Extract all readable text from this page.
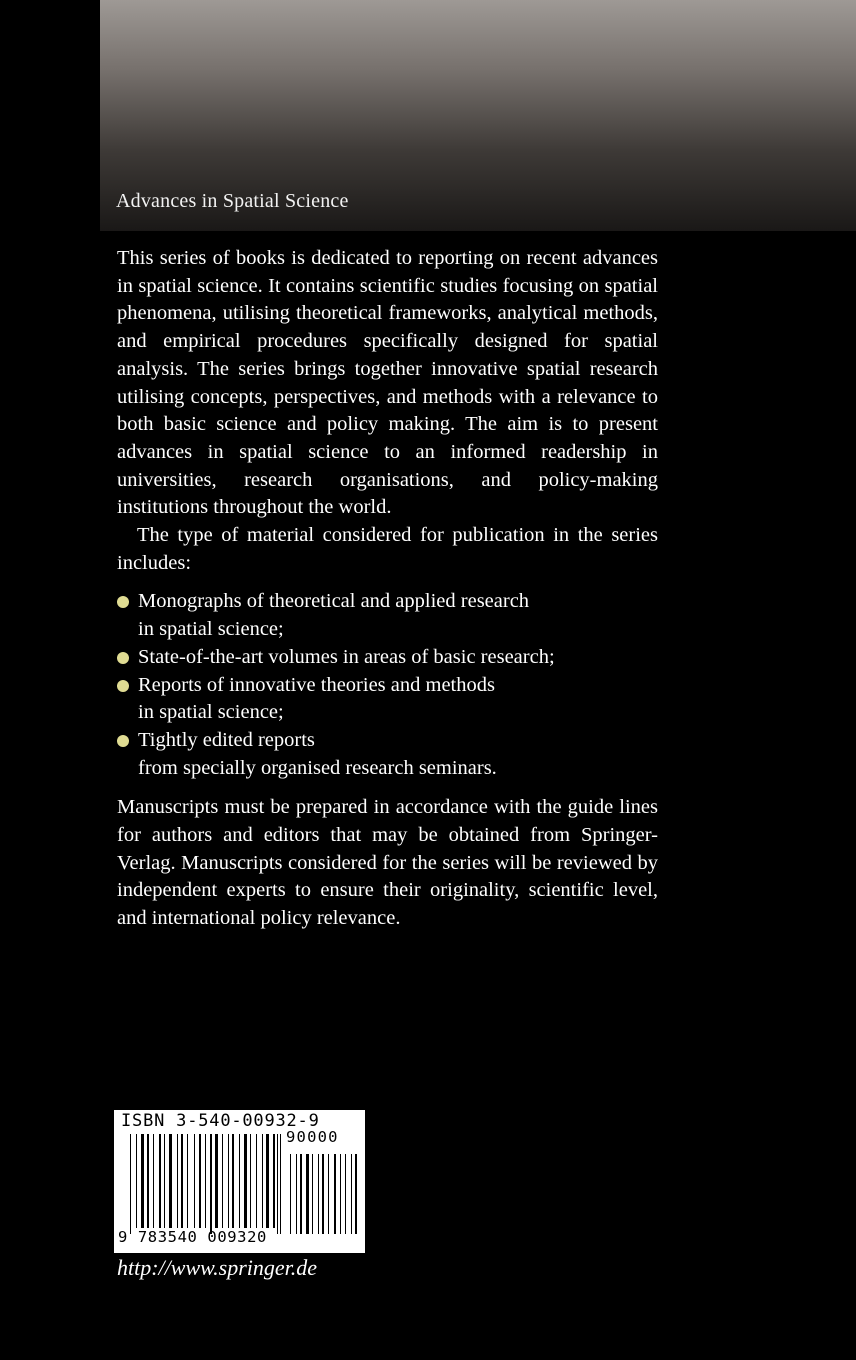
Advances in Spatial Science

This series of books is dedicated to reporting on recent advances in spatial science. It contains scientific studies focusing on spatial phenomena, utilising theoretical frameworks, analytical methods, and empirical procedures specifically designed for spatial analysis. The series brings together innovative spatial research utilising concepts, perspectives, and methods with a relevance to both basic science and policy making. The aim is to present advances in spatial science to an informed readership in universities, research organisations, and policy-making institutions throughout the world.

The type of material considered for publication in the series includes:

Monographs of theoretical and applied research
in spatial science;
State-of-the-art volumes in areas of basic research;
Reports of innovative theories and methods
in spatial science;
Tightly edited reports
from specially organised research seminars.

Manuscripts must be prepared in accordance with the guide lines for authors and editors that may be obtained from Springer-Verlag. Manuscripts considered for the series will be reviewed by independent experts to ensure their originality, scientific level, and international policy relevance.

ISBN 3-540-00932-9
90000
9 783540 009320
http://www.springer.de
